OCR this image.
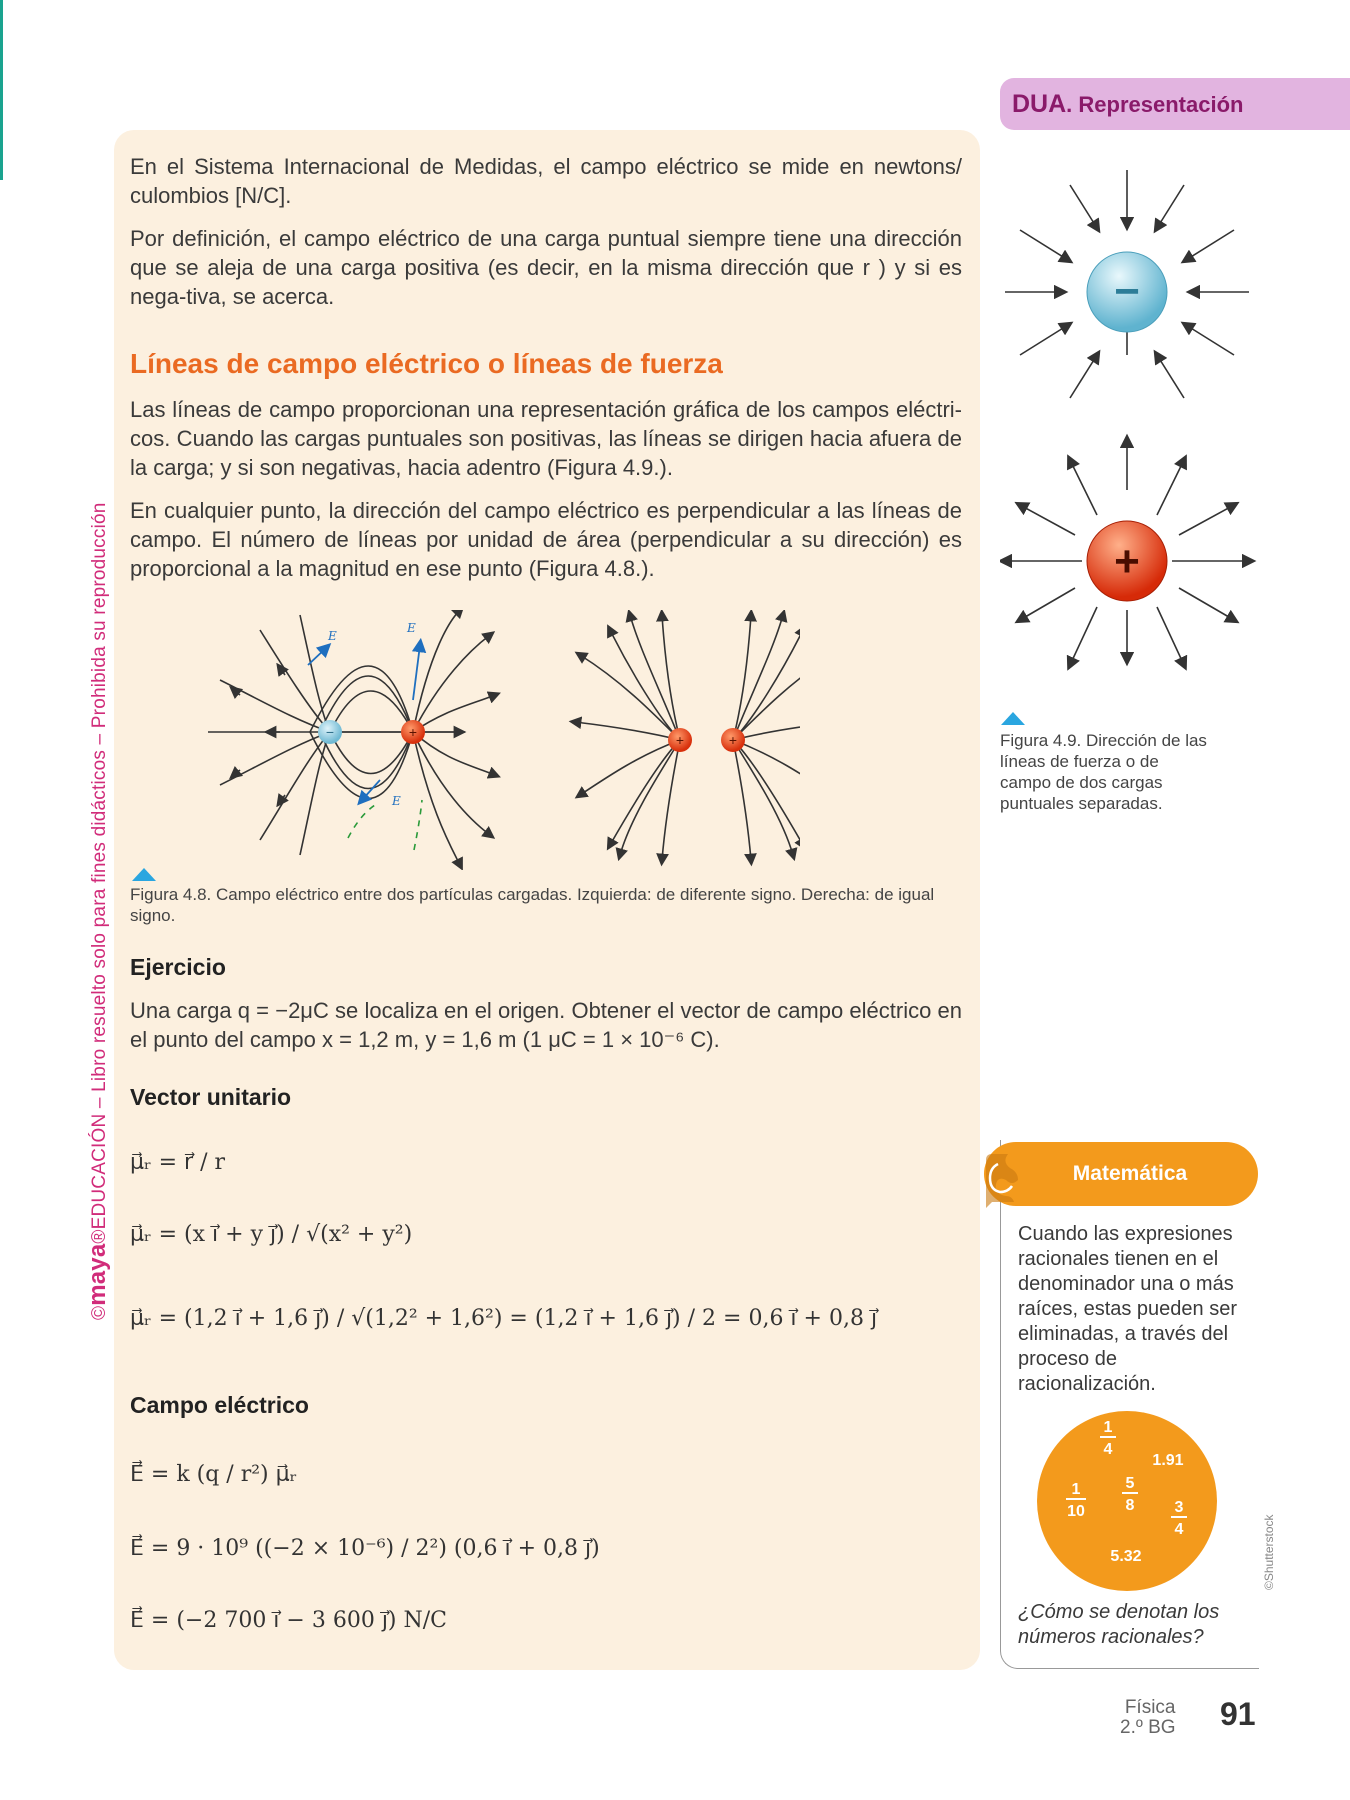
©maya®EDUCACIÓN – Libro resuelto solo para fines didácticos – Prohibida su reproducción
En el Sistema Internacional de Medidas, el campo eléctrico se mide en newtons/ culombios [N/C].
Por definición, el campo eléctrico de una carga puntual siempre tiene una dirección que se aleja de una carga positiva (es decir, en la misma dirección que r ) y si es nega-tiva, se acerca.
Líneas de campo eléctrico o líneas de fuerza
Las líneas de campo proporcionan una representación gráfica de los campos eléctri-cos. Cuando las cargas puntuales son positivas, las líneas se dirigen hacia afuera de la carga; y si son negativas, hacia adentro (Figura 4.9.).
En cualquier punto, la dirección del campo eléctrico es perpendicular a las líneas de campo. El número de líneas por unidad de área (perpendicular a su dirección) es proporcional a la magnitud en ese punto (Figura 4.8.).
E
E
E
−	+	+	+
Figura 4.8. Campo eléctrico entre dos partículas cargadas. Izquierda: de diferente signo. Derecha: de igual signo.
Ejercicio
Una carga q = −2μC se localiza en el origen. Obtener el vector de campo eléctrico en el punto del campo x = 1,2 m, y = 1,6 m (1 μC = 1 × 10⁻⁶ C).
Vector unitario
μ⃗ᵣ = r⃗ / r
μ⃗ᵣ = (x i⃗ + y j⃗) / √(x² + y²)
μ⃗ᵣ = (1,2 i⃗ + 1,6 j⃗) / √(1,2² + 1,6²) = (1,2 i⃗ + 1,6 j⃗) / 2 = 0,6 i⃗ + 0,8 j⃗
Campo eléctrico
E⃗ = k (q / r²) μ⃗ᵣ
E⃗ = 9 · 10⁹ ((−2 × 10⁻⁶) / 2²) (0,6 i⃗ + 0,8 j⃗)
E⃗ = (−2 700 i⃗ − 3 600 j⃗) N/C
DUA. Representación
−
+
Figura 4.9. Dirección de las líneas de fuerza o de campo de dos cargas puntuales separadas.
Matemática
Cuando las expresiones racionales tienen en el denominador una o más raíces, estas pueden ser eliminadas, a través del proceso de racionalización.
1
4
1.91
1
10
5
8	3
4
5.32
¿Cómo se denotan los números racionales?
©Shutterstock
Física
2.º BG 91
